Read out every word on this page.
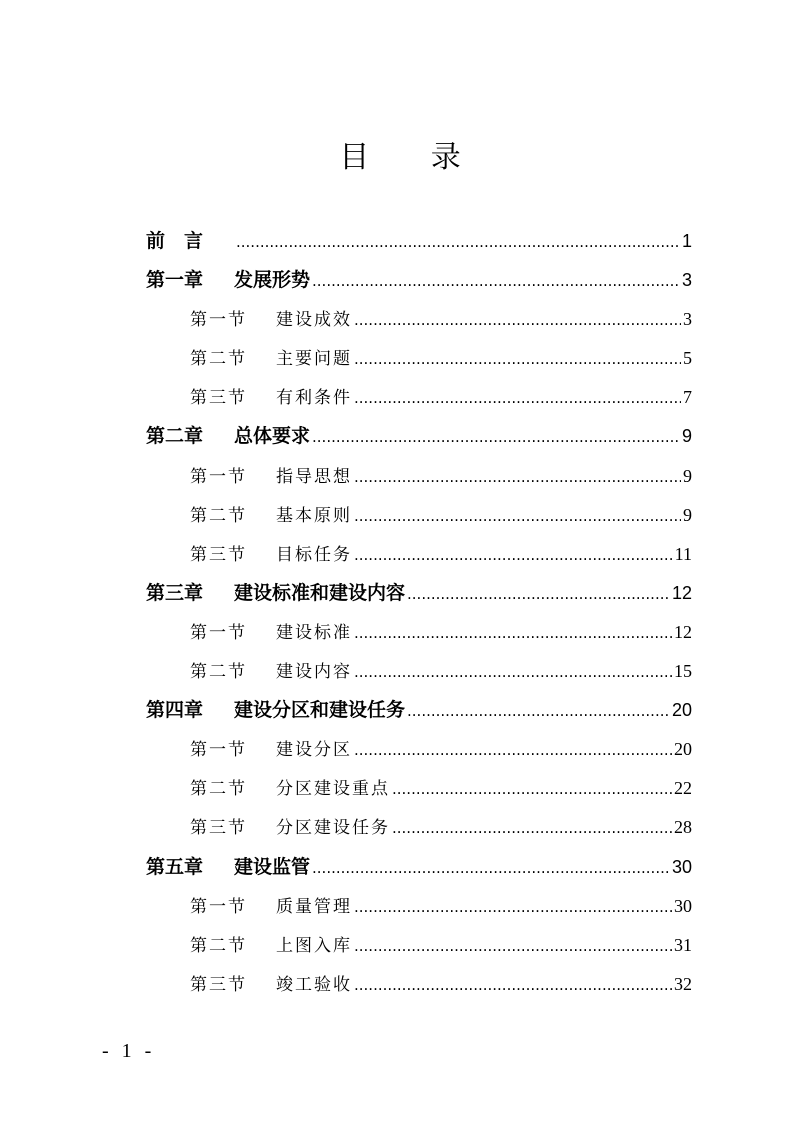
目 录
前　言 .....	1
第一章	发展形势 .....	3
第一节	建设成效 .....	3
第二节	主要问题 .....	5
第三节	有利条件 .....	7
第二章	总体要求 .....	9
第一节	指导思想 .....	9
第二节	基本原则 .....	9
第三节	目标任务 .....	11
第三章	建设标准和建设内容 .....	12
第一节	建设标准 .....	12
第二节	建设内容 .....	15
第四章	建设分区和建设任务 .....	20
第一节	建设分区 .....	20
第二节	分区建设重点 .....	22
第三节	分区建设任务 .....	28
第五章	建设监管 .....	30
第一节	质量管理 .....	30
第二节	上图入库 .....	31
第三节	竣工验收 .....	32
- 1 -
